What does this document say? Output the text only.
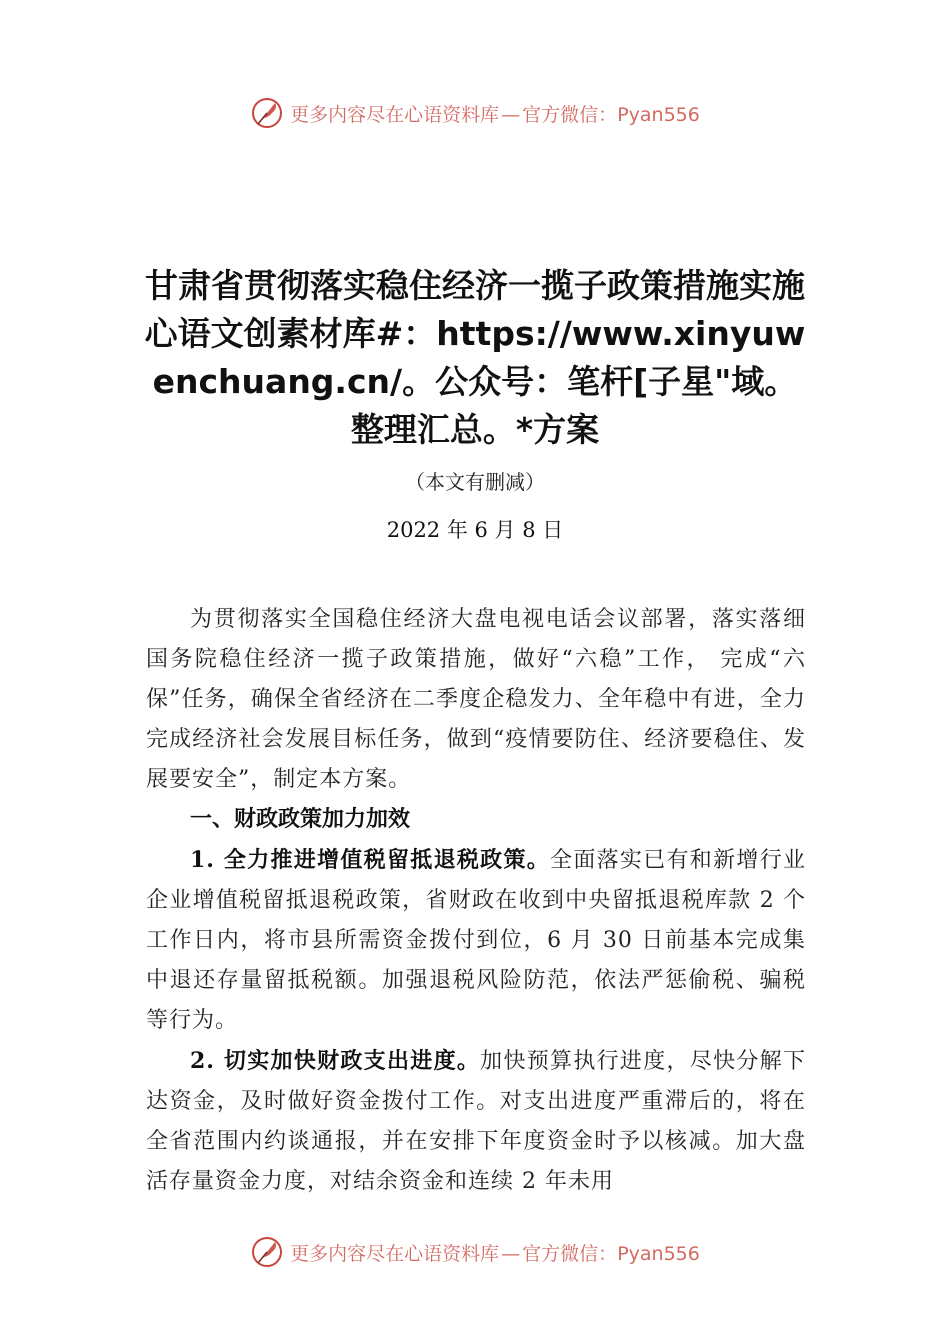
更多内容尽在心语资料库 — 官方微信：Pyan556
甘肃省贯彻落实稳住经济一揽子政策措施实施心语文创素材库#：https://www.xinyuwenchuang.cn/。公众号：笔杆[子星"域。整理汇总。*方案
（本文有删减）
2022 年 6 月 8 日

为贯彻落实全国稳住经济大盘电视电话会议部署，落实落细国务院稳住经济一揽子政策措施，做好“六稳”工作， 完成“六保”任务，确保全省经济在二季度企稳发力、全年稳中有进，全力完成经济社会发展目标任务，做到“疫情要防住、经济要稳住、发展要安全”，制定本方案。

一、财政政策加力加效

1. 全力推进增值税留抵退税政策。全面落实已有和新增行业企业增值税留抵退税政策，省财政在收到中央留抵退税库款 2 个工作日内，将市县所需资金拨付到位，6 月 30 日前基本完成集中退还存量留抵税额。加强退税风险防范，依法严惩偷税、骗税等行为。

2. 切实加快财政支出进度。加快预算执行进度，尽快分解下达资金，及时做好资金拨付工作。对支出进度严重滞后的，将在全省范围内约谈通报，并在安排下年度资金时予以核减。加大盘活存量资金力度，对结余资金和连续 2 年未用

更多内容尽在心语资料库 — 官方微信：Pyan556
